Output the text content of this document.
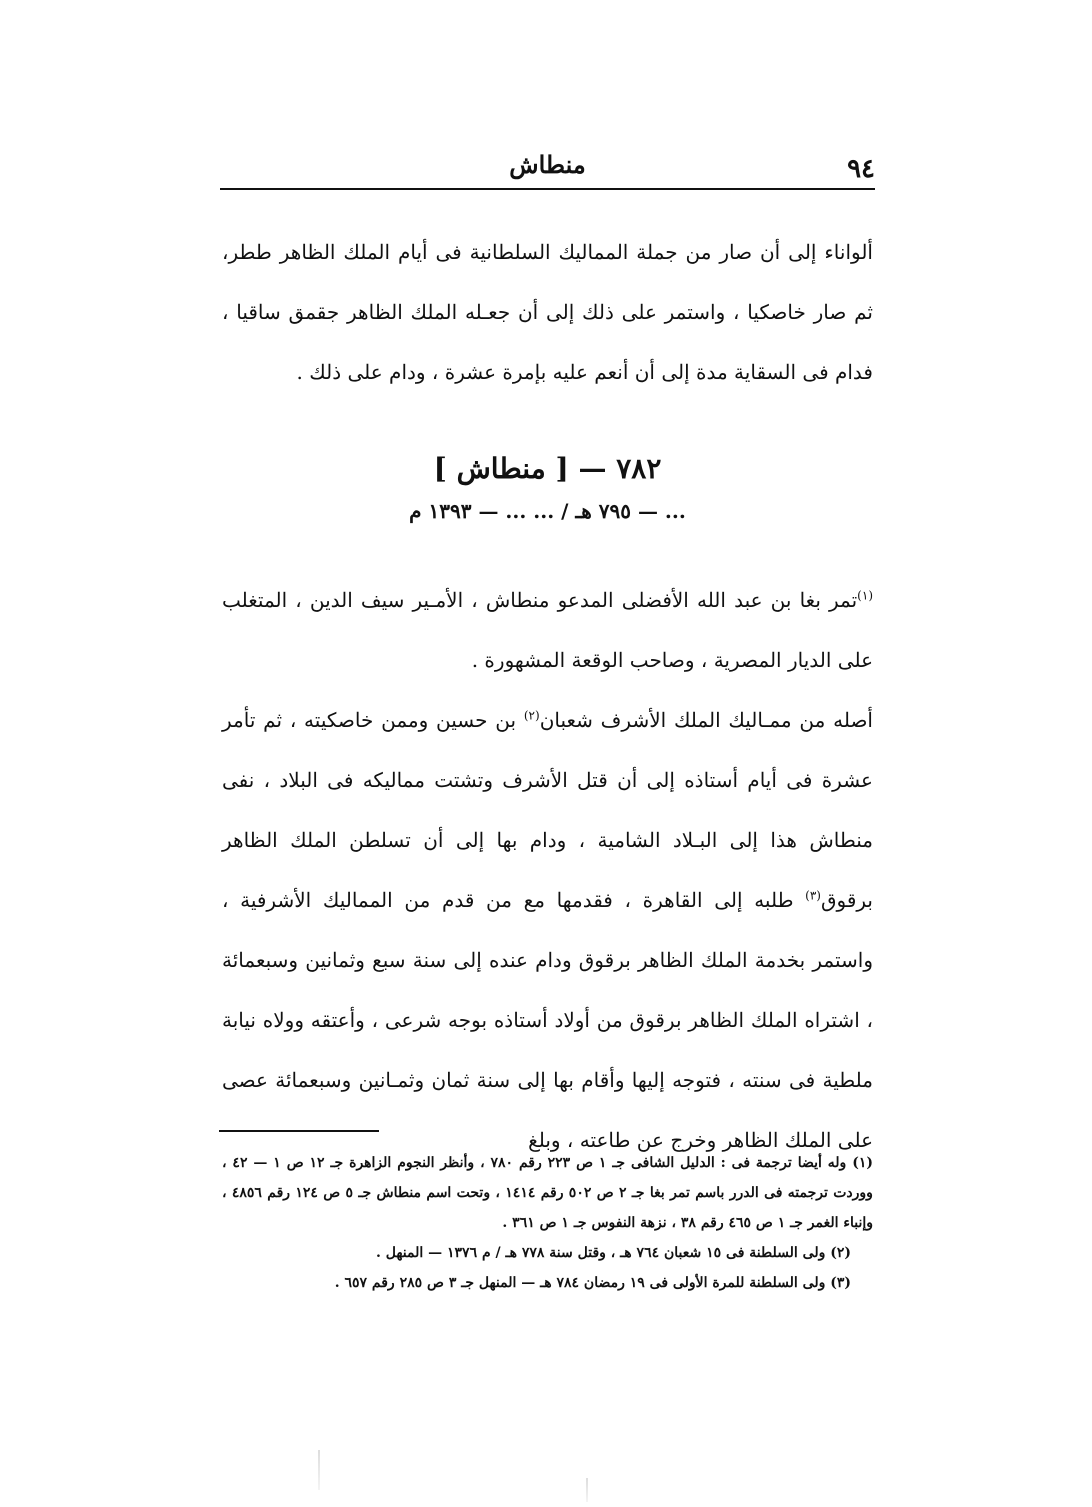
٩٤
منطاش

ألواناء إلى أن صار من جملة المماليك السلطانية فى أيام الملك الظاهر ططر، ثم صار خاصكيا ، واستمر على ذلك إلى أن جعـله الملك الظاهر جقمق ساقيا ، فدام فى السقاية مدة إلى أن أنعم عليه بإمرة عشرة ، ودام على ذلك .

٧٨٢ — [ منطاش ]

... — ٧٩٥ هـ / ... ... — ١٣٩٣ م

$^{(١)}$تمر بغا بن عبد الله الأفضلى المدعو منطاش ، الأمـير سيف الدين ، المتغلب على الديار المصرية ، وصاحب الوقعة المشهورة .

أصله من ممـاليك الملك الأشرف شعبان$^{(٢)}$ بن حسين وممن خاصكيته ، ثم تأمر عشرة فى أيام أستاذه إلى أن قتل الأشرف وتشتت مماليكه فى البلاد ، نفى منطاش هذا إلى البـلاد الشامية ، ودام بها إلى أن تسلطن الملك الظاهر برقوق$^{(٣)}$ طلبه إلى القاهرة ، فقدمها مع من قدم من المماليك الأشرفية ، واستمر بخدمة الملك الظاهر برقوق ودام عنده إلى سنة سبع وثمانين وسبعمائة ، اشتراه الملك الظاهر برقوق من أولاد أستاذه بوجه شرعى ، وأعتقه وولاه نيابة ملطية فى سنته ، فتوجه إليها وأقام بها إلى سنة ثمان وثمـانين وسبعمائة عصى على الملك الظاهر وخرج عن طاعته ، وبلغ

(١) وله أيضا ترجمة فى : الدليل الشافى جـ ١ ص ٢٢٣ رقم ٧٨٠ ، وأنظر النجوم الزاهرة جـ ١٢ ص ١ — ٤٢ ، ووردت ترجمته فى الدرر باسم تمر بغا جـ ٢ ص ٥٠٢ رقم ١٤١٤ ، وتحت اسم منطاش جـ ٥ ص ١٢٤ رقم ٤٨٥٦ ، وإنباء الغمر جـ ١ ص ٤٦٥ رقم ٣٨ ، نزهة النفوس جـ ١ ص ٣٦١ .

(٢) ولى السلطنة فى ١٥ شعبان ٧٦٤ هـ ، وقتل سنة ٧٧٨ هـ / م ١٣٧٦ — المنهل .

(٣) ولى السلطنة للمرة الأولى فى ١٩ رمضان ٧٨٤ هـ — المنهل جـ ٣ ص ٢٨٥ رقم ٦٥٧ .
